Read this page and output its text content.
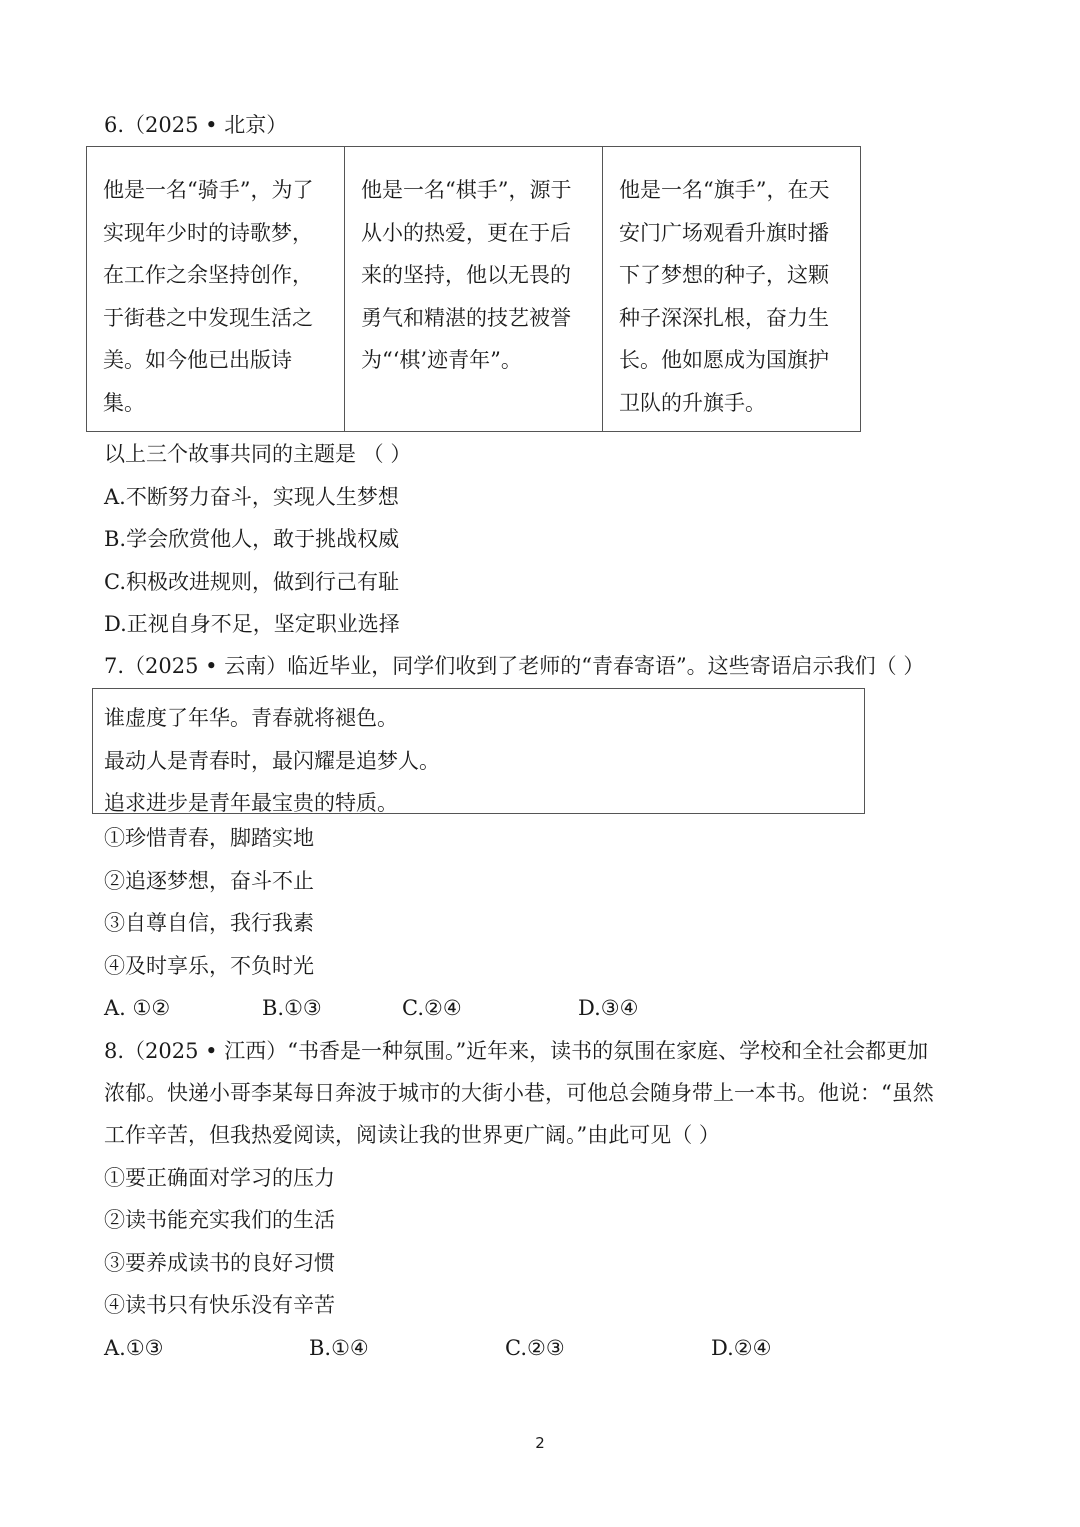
6.（2025 • 北京）
他是一名“骑手”，为了实现年少时的诗歌梦，在工作之余坚持创作，于街巷之中发现生活之美。如今他已出版诗集。	他是一名“棋手”，源于从小的热爱，更在于后来的坚持，他以无畏的勇气和精湛的技艺被誉为“‘棋’迹青年”。	他是一名“旗手”，在天安门广场观看升旗时播下了梦想的种子，这颗种子深深扎根，奋力生长。他如愿成为国旗护卫队的升旗手。
以上三个故事共同的主题是 （ ）
A.不断努力奋斗，实现人生梦想
B.学会欣赏他人，敢于挑战权威
C.积极改进规则，做到行己有耻
D.正视自身不足，坚定职业选择
7.（2025 • 云南）临近毕业，同学们收到了老师的“青春寄语”。这些寄语启示我们（ ）
谁虚度了年华。青春就将褪色。
最动人是青春时，最闪耀是追梦人。
追求进步是青年最宝贵的特质。
①珍惜青春，脚踏实地
②追逐梦想，奋斗不止
③自尊自信，我行我素
④及时享乐，不负时光
A. ①②	B.①③	C.②④	D.③④
8.（2025 • 江西）“书香是一种氛围。”近年来，读书的氛围在家庭、学校和全社会都更加
浓郁。快递小哥李某每日奔波于城市的大街小巷，可他总会随身带上一本书。他说：“虽然
工作辛苦，但我热爱阅读，阅读让我的世界更广阔。”由此可见（ ）
①要正确面对学习的压力
②读书能充实我们的生活
③要养成读书的良好习惯
④读书只有快乐没有辛苦
A.①③	B.①④	C.②③	D.②④
2
